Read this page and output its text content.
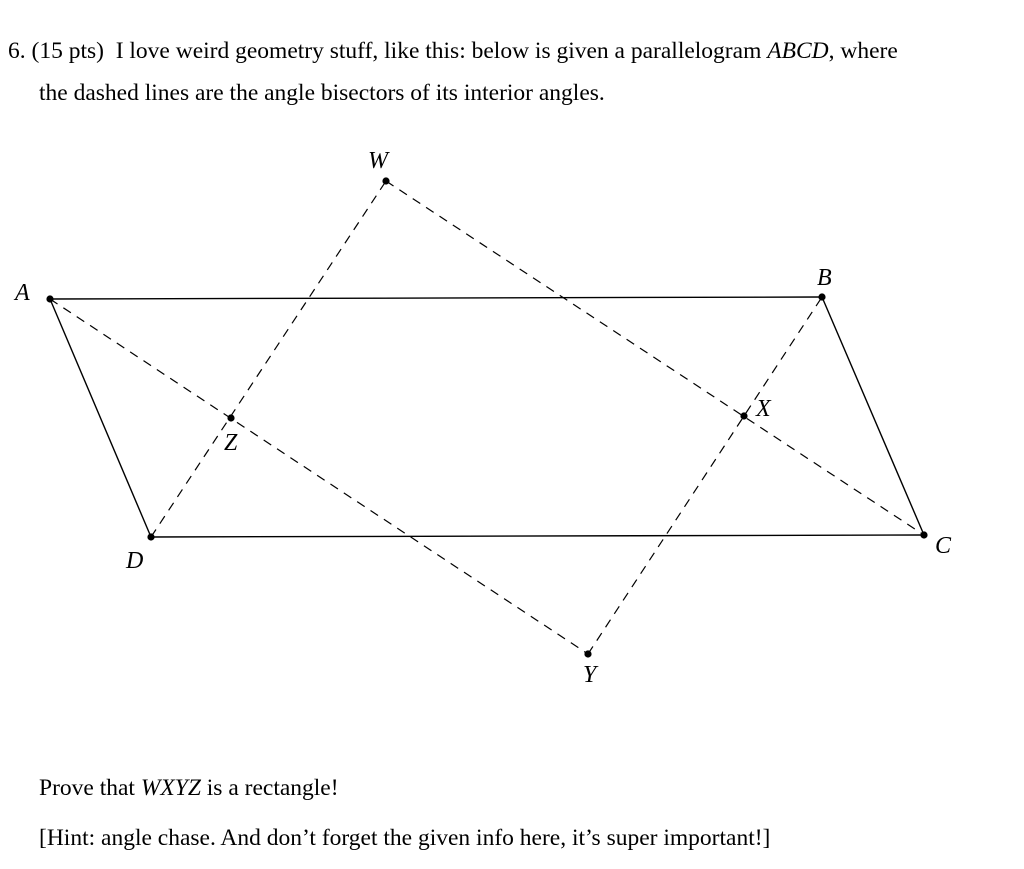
6. (15 pts) I love weird geometry stuff, like this: below is given a parallelogram ABCD, where
the dashed lines are the angle bisectors of its interior angles.
A
B
C
D
W
X
Y
Z
Prove that WXYZ is a rectangle!
[Hint: angle chase. And don’t forget the given info here, it’s super important!]
